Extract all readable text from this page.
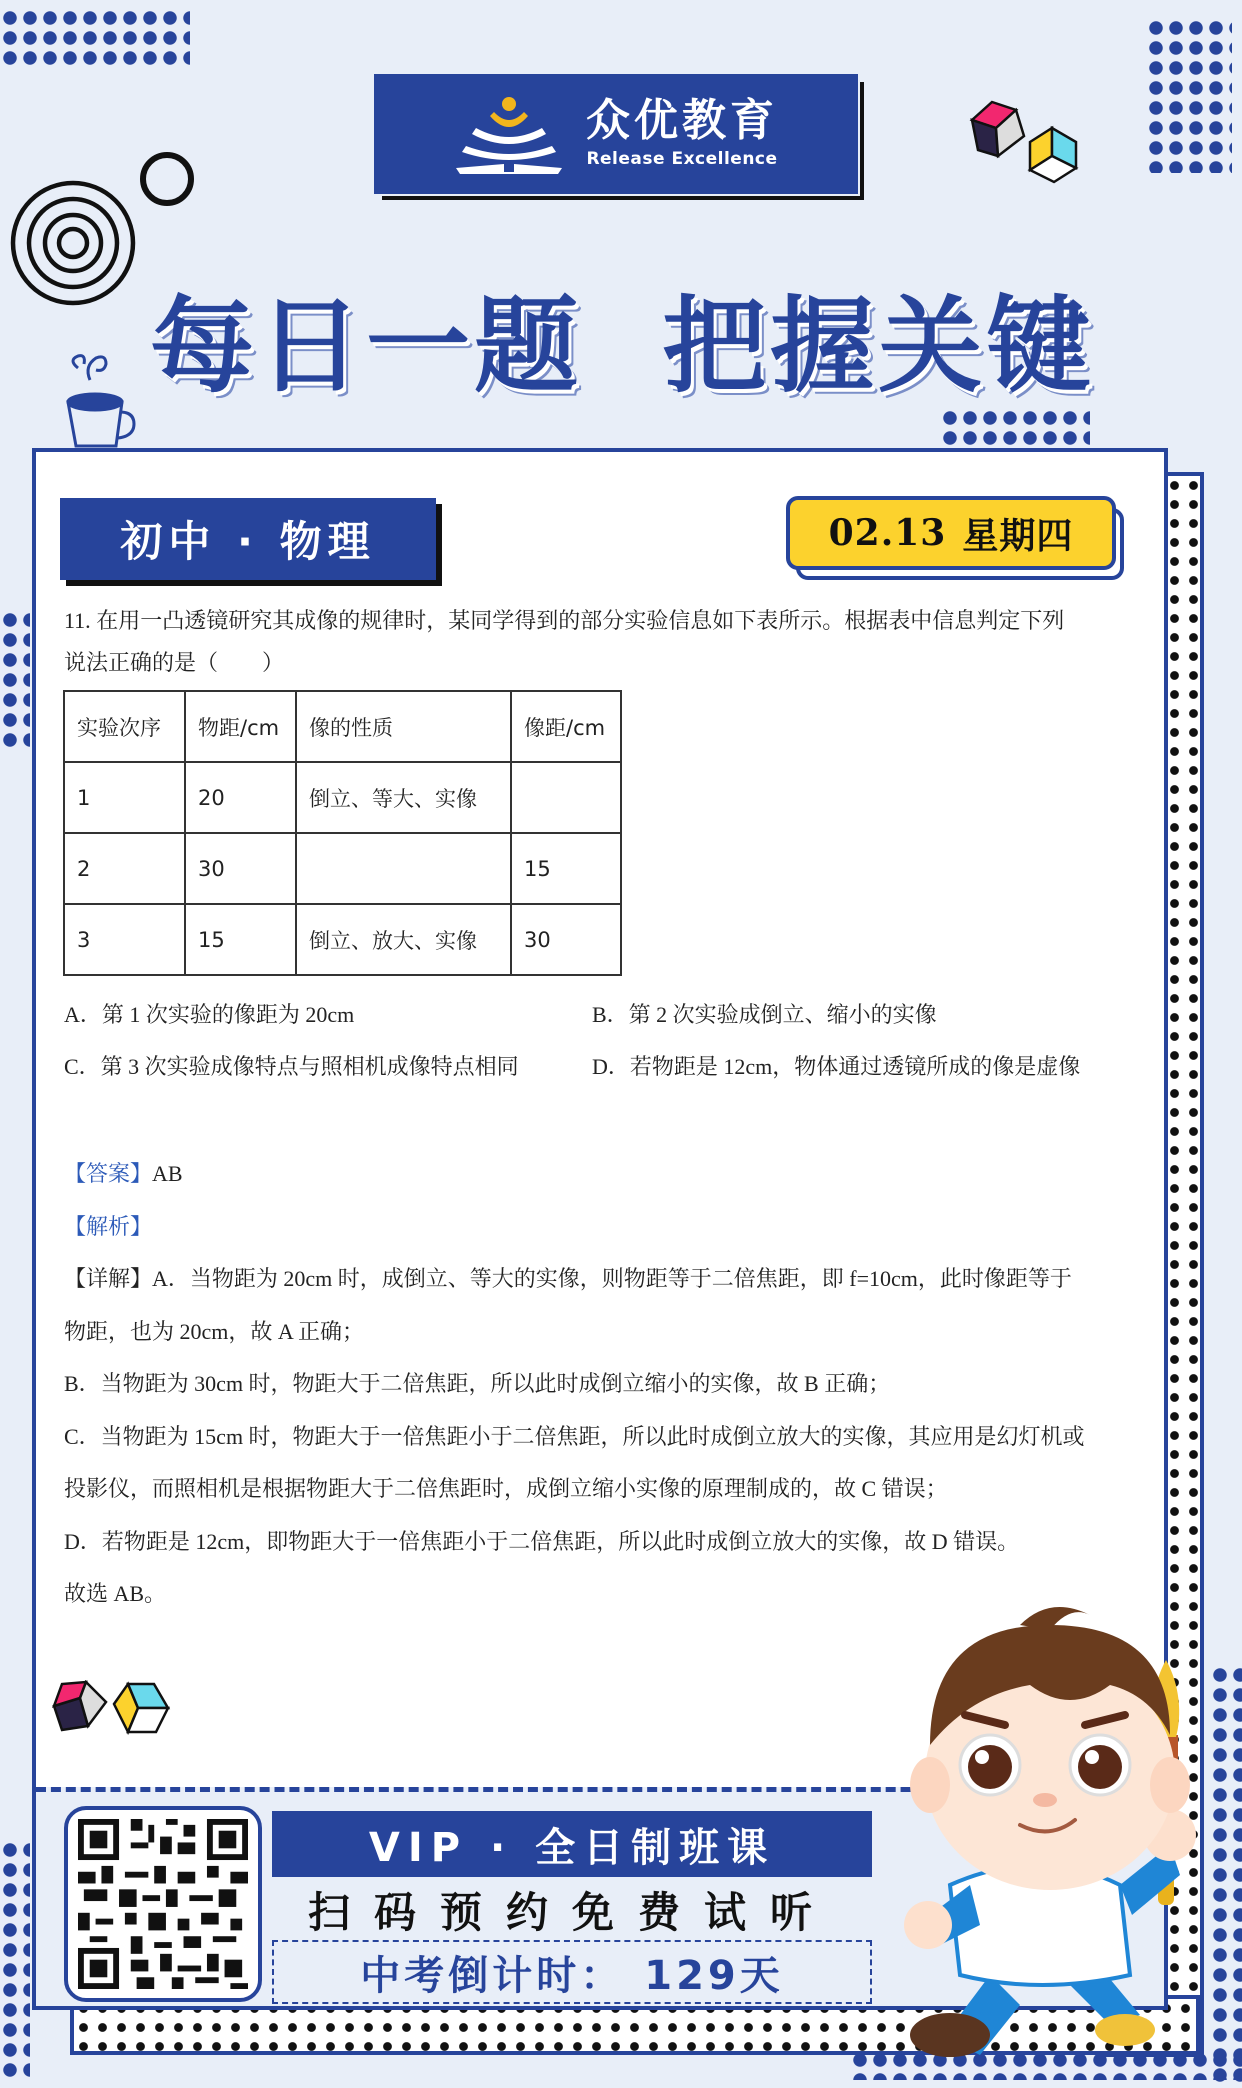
众优教育
Release Excellence
每日一题  把握关键
初中 · 物理	02.13 星期四
11. 在用一凸透镜研究其成像的规律时，某同学得到的部分实验信息如下表所示。根据表中信息判定下列
说法正确的是（　　）
实验次序	物距/cm	像的性质	像距/cm
1	20	倒立、等大、实像	
2	30		15
3	15	倒立、放大、实像	30
A．第 1 次实验的像距为 20cm	B．第 2 次实验成倒立、缩小的实像
C．第 3 次实验成像特点与照相机成像特点相同	D．若物距是 12cm，物体通过透镜所成的像是虚像
【答案】AB
【解析】
【详解】A．当物距为 20cm 时，成倒立、等大的实像，则物距等于二倍焦距，即 f=10cm，此时像距等于
物距，也为 20cm，故 A 正确；
B．当物距为 30cm 时，物距大于二倍焦距，所以此时成倒立缩小的实像，故 B 正确；
C．当物距为 15cm 时，物距大于一倍焦距小于二倍焦距，所以此时成倒立放大的实像，其应用是幻灯机或
投影仪，而照相机是根据物距大于二倍焦距时，成倒立缩小实像的原理制成的，故 C 错误；
D．若物距是 12cm，即物距大于一倍焦距小于二倍焦距，所以此时成倒立放大的实像，故 D 错误。
故选 AB。
VIP · 全日制班课
扫码预约免费试听
中考倒计时： 129天
